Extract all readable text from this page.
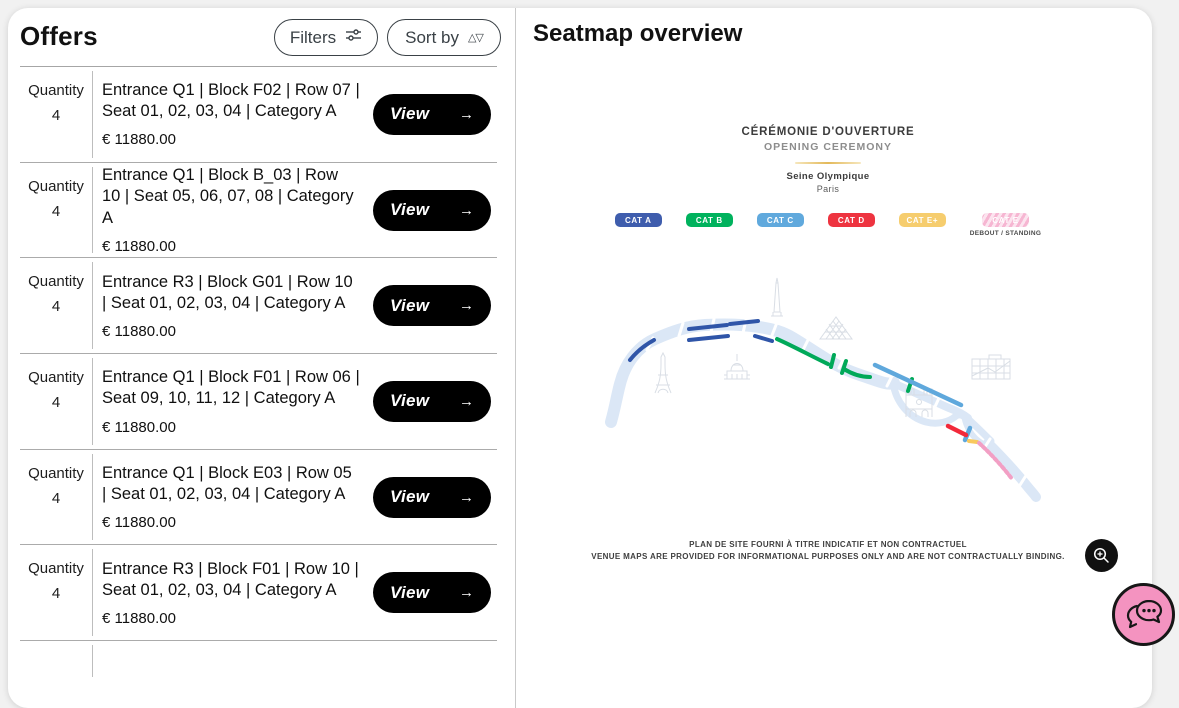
Offers	Filters	Sort by △▽
Quantity
4
Entrance Q1 | Block F02 | Row 07 | Seat 01, 02, 03, 04 | Category A
€ 11880.00
View →
Quantity
4
Entrance Q1 | Block B_03 | Row 10 | Seat 05, 06, 07, 08 | Category A
€ 11880.00
View →
Quantity
4
Entrance R3 | Block G01 | Row 10 | Seat 01, 02, 03, 04 | Category A
€ 11880.00
View →
Quantity
4
Entrance Q1 | Block F01 | Row 06 | Seat 09, 10, 11, 12 | Category A
€ 11880.00
View →
Quantity
4
Entrance Q1 | Block E03 | Row 05 | Seat 01, 02, 03, 04 | Category A
€ 11880.00
View →
Quantity
4
Entrance R3 | Block F01 | Row 10 | Seat 01, 02, 03, 04 | Category A
€ 11880.00
View →
Seatmap overview
CÉRÉMONIE D'OUVERTURE
OPENING CEREMONY
Seine Olympique
Paris
CAT A	CAT B	CAT C	CAT D	CAT E+	CAT E
DEBOUT / STANDING
PLAN DE SITE FOURNI À TITRE INDICATIF ET NON CONTRACTUEL
VENUE MAPS ARE PROVIDED FOR INFORMATIONAL PURPOSES ONLY AND ARE NOT CONTRACTUALLY BINDING.
